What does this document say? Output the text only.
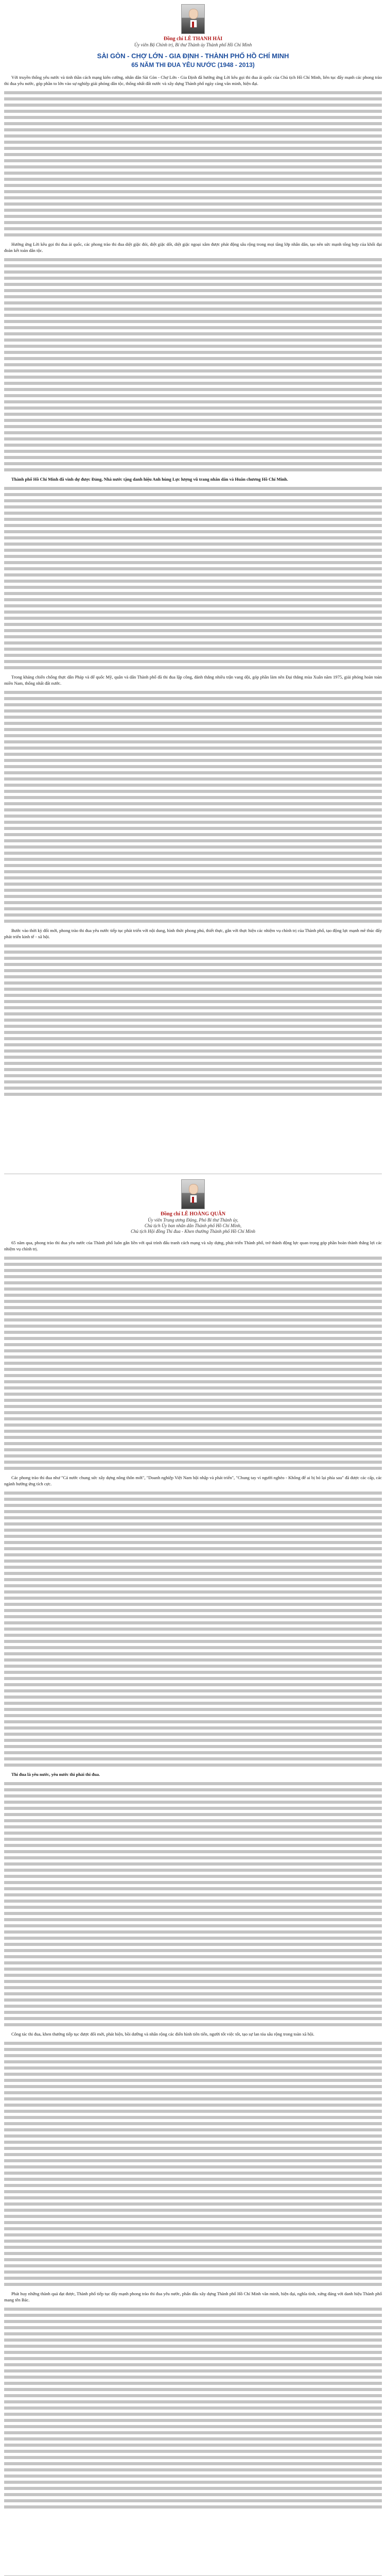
Đồng chí LÊ THANH HẢI

Ủy viên Bộ Chính trị, Bí thư Thành ủy Thành phố Hồ Chí Minh

SÀI GÒN - CHỢ LỚN - GIA ĐỊNH - THÀNH PHỐ HỒ CHÍ MINH
65 NĂM THI ĐUA YÊU NƯỚC (1948 - 2013)

Với truyền thống yêu nước và tinh thần cách mạng kiên cường, nhân dân Sài Gòn - Chợ Lớn - Gia Định đã hưởng ứng Lời kêu gọi thi đua ái quốc của Chủ tịch Hồ Chí Minh, liên tục đẩy mạnh các phong trào thi đua yêu nước, góp phần to lớn vào sự nghiệp giải phóng dân tộc, thống nhất đất nước và xây dựng Thành phố ngày càng văn minh, hiện đại.

Hưởng ứng Lời kêu gọi thi đua ái quốc, các phong trào thi đua diệt giặc đói, diệt giặc dốt, diệt giặc ngoại xâm được phát động sâu rộng trong mọi tầng lớp nhân dân, tạo nên sức mạnh tổng hợp của khối đại đoàn kết toàn dân tộc.

Thành phố Hồ Chí Minh đã vinh dự được Đảng, Nhà nước tặng danh hiệu Anh hùng Lực lượng vũ trang nhân dân và Huân chương Hồ Chí Minh.

Trong kháng chiến chống thực dân Pháp và đế quốc Mỹ, quân và dân Thành phố đã thi đua lập công, đánh thắng nhiều trận vang dội, góp phần làm nên Đại thắng mùa Xuân năm 1975, giải phóng hoàn toàn miền Nam, thống nhất đất nước.

Bước vào thời kỳ đổi mới, phong trào thi đua yêu nước tiếp tục phát triển với nội dung, hình thức phong phú, thiết thực, gắn với thực hiện các nhiệm vụ chính trị của Thành phố, tạo động lực mạnh mẽ thúc đẩy phát triển kinh tế - xã hội.

Đồng chí LÊ HOÀNG QUÂN

Ủy viên Trung ương Đảng, Phó Bí thư Thành ủy,

Chủ tịch Ủy ban nhân dân Thành phố Hồ Chí Minh,

Chủ tịch Hội đồng Thi đua - Khen thưởng Thành phố Hồ Chí Minh

65 năm qua, phong trào thi đua yêu nước của Thành phố luôn gắn liền với quá trình đấu tranh cách mạng và xây dựng, phát triển Thành phố, trở thành động lực quan trọng góp phần hoàn thành thắng lợi các nhiệm vụ chính trị.

Các phong trào thi đua như "Cả nước chung sức xây dựng nông thôn mới", "Doanh nghiệp Việt Nam hội nhập và phát triển", "Chung tay vì người nghèo - Không để ai bị bỏ lại phía sau" đã được các cấp, các ngành hưởng ứng tích cực.

Thi đua là yêu nước, yêu nước thì phải thi đua.

Công tác thi đua, khen thưởng tiếp tục được đổi mới, phát hiện, bồi dưỡng và nhân rộng các điển hình tiên tiến, người tốt việc tốt, tạo sự lan tỏa sâu rộng trong toàn xã hội.

Phát huy những thành quả đạt được, Thành phố tiếp tục đẩy mạnh phong trào thi đua yêu nước, phấn đấu xây dựng Thành phố Hồ Chí Minh văn minh, hiện đại, nghĩa tình, xứng đáng với danh hiệu Thành phố mang tên Bác.
